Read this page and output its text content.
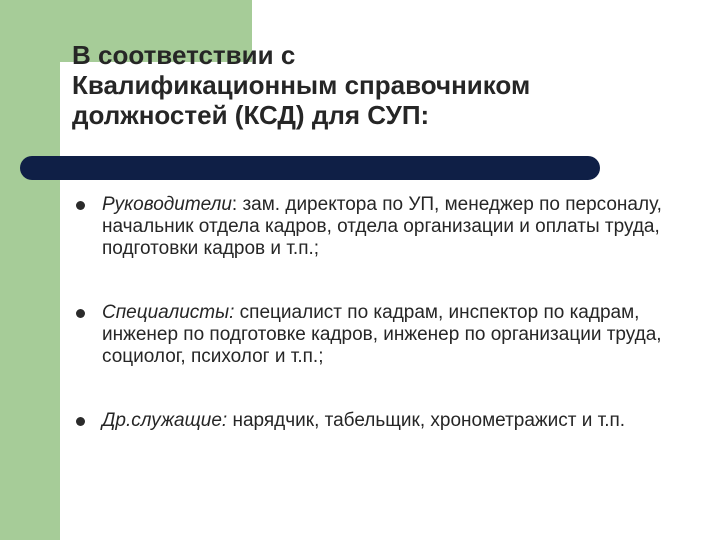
В соответствии с
Квалификационным справочником
должностей (КСД) для СУП:
Руководители: зам. директора по УП, менеджер по персоналу, начальник отдела кадров, отдела организации и оплаты труда, подготовки кадров и т.п.;
Специалисты: специалист по кадрам, инспектор по кадрам, инженер по подготовке кадров, инженер по организации труда, социолог, психолог и т.п.;
Др.служащие: нарядчик, табельщик, хронометражист и т.п.
